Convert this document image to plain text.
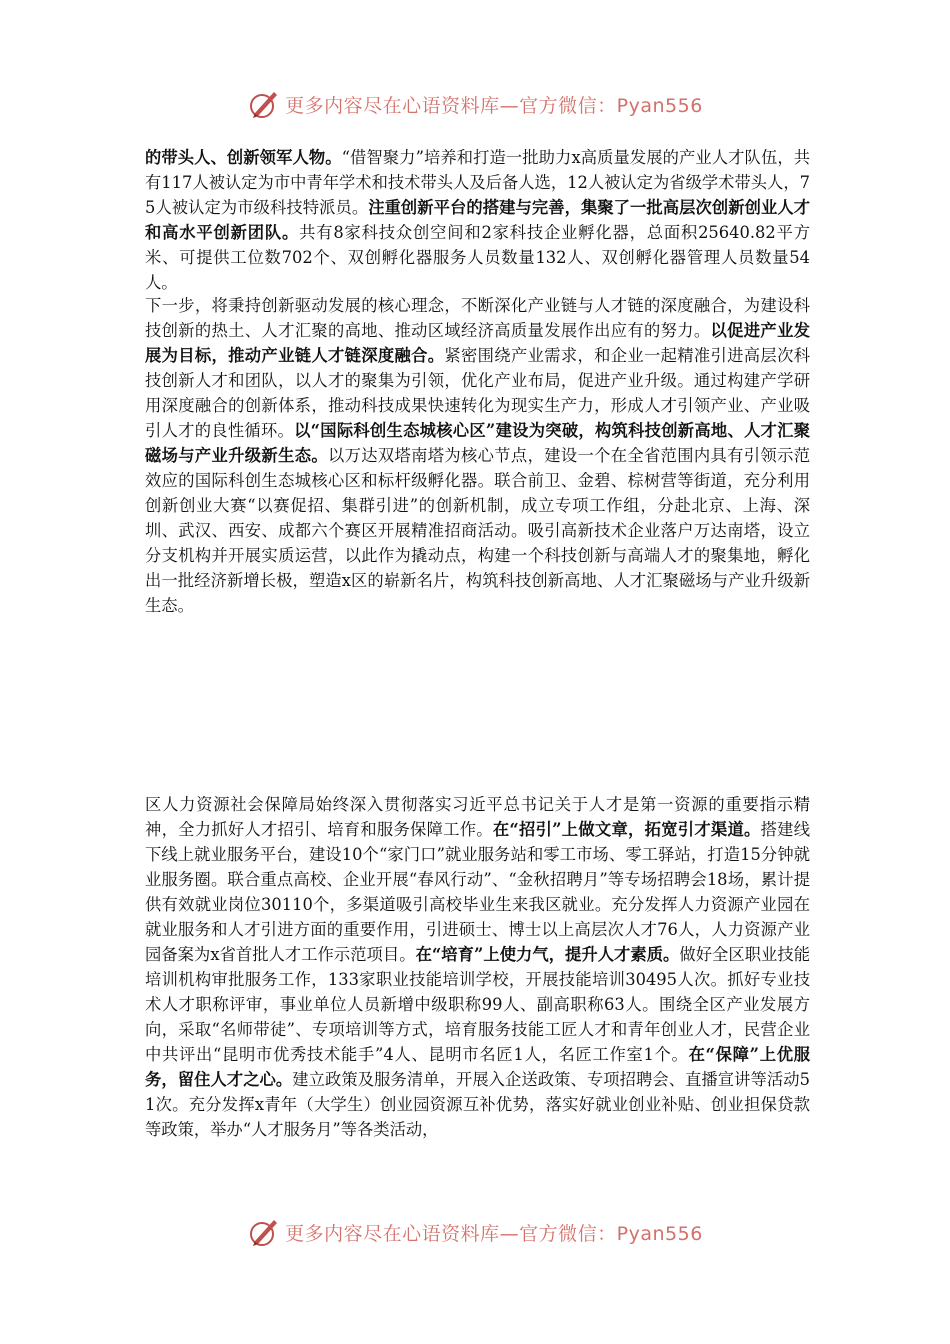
更多内容尽在心语资料库—官方微信：Pyan556

的带头人、创新领军人物。“借智聚力”培养和打造一批助力x高质量发展的产业人才队伍，共有117人被认定为市中青年学术和技术带头人及后备人选，12人被认定为省级学术带头人，75人被认定为市级科技特派员。注重创新平台的搭建与完善，集聚了一批高层次创新创业人才和高水平创新团队。共有8家科技众创空间和2家科技企业孵化器，总面积25640.82平方米、可提供工位数702个、双创孵化器服务人员数量132人、双创孵化器管理人员数量54人。

下一步，将秉持创新驱动发展的核心理念，不断深化产业链与人才链的深度融合，为建设科技创新的热土、人才汇聚的高地、推动区域经济高质量发展作出应有的努力。以促进产业发展为目标，推动产业链人才链深度融合。紧密围绕产业需求，和企业一起精准引进高层次科技创新人才和团队，以人才的聚集为引领，优化产业布局，促进产业升级。通过构建产学研用深度融合的创新体系，推动科技成果快速转化为现实生产力，形成人才引领产业、产业吸引人才的良性循环。以“国际科创生态城核心区”建设为突破，构筑科技创新高地、人才汇聚磁场与产业升级新生态。以万达双塔南塔为核心节点，建设一个在全省范围内具有引领示范效应的国际科创生态城核心区和标杆级孵化器。联合前卫、金碧、棕树营等街道，充分利用创新创业大赛“以赛促招、集群引进”的创新机制，成立专项工作组，分赴北京、上海、深圳、武汉、西安、成都六个赛区开展精准招商活动。吸引高新技术企业落户万达南塔，设立分支机构并开展实质运营，以此作为撬动点，构建一个科技创新与高端人才的聚集地，孵化出一批经济新增长极，塑造x区的崭新名片，构筑科技创新高地、人才汇聚磁场与产业升级新生态。

区人力资源社会保障局始终深入贯彻落实习近平总书记关于人才是第一资源的重要指示精神，全力抓好人才招引、培育和服务保障工作。在“招引”上做文章，拓宽引才渠道。搭建线下线上就业服务平台，建设10个“家门口”就业服务站和零工市场、零工驿站，打造15分钟就业服务圈。联合重点高校、企业开展“春风行动”、“金秋招聘月”等专场招聘会18场，累计提供有效就业岗位30110个，多渠道吸引高校毕业生来我区就业。充分发挥人力资源产业园在就业服务和人才引进方面的重要作用，引进硕士、博士以上高层次人才76人，人力资源产业园备案为x省首批人才工作示范项目。在“培育”上使力气，提升人才素质。做好全区职业技能培训机构审批服务工作，133家职业技能培训学校，开展技能培训30495人次。抓好专业技术人才职称评审，事业单位人员新增中级职称99人、副高职称63人。围绕全区产业发展方向，采取“名师带徒”、专项培训等方式，培育服务技能工匠人才和青年创业人才，民营企业中共评出“昆明市优秀技术能手”4人、昆明市名匠1人，名匠工作室1个。在“保障”上优服务，留住人才之心。建立政策及服务清单，开展入企送政策、专项招聘会、直播宣讲等活动51次。充分发挥x青年（大学生）创业园资源互补优势，落实好就业创业补贴、创业担保贷款等政策，举办“人才服务月”等各类活动，

更多内容尽在心语资料库—官方微信：Pyan556
